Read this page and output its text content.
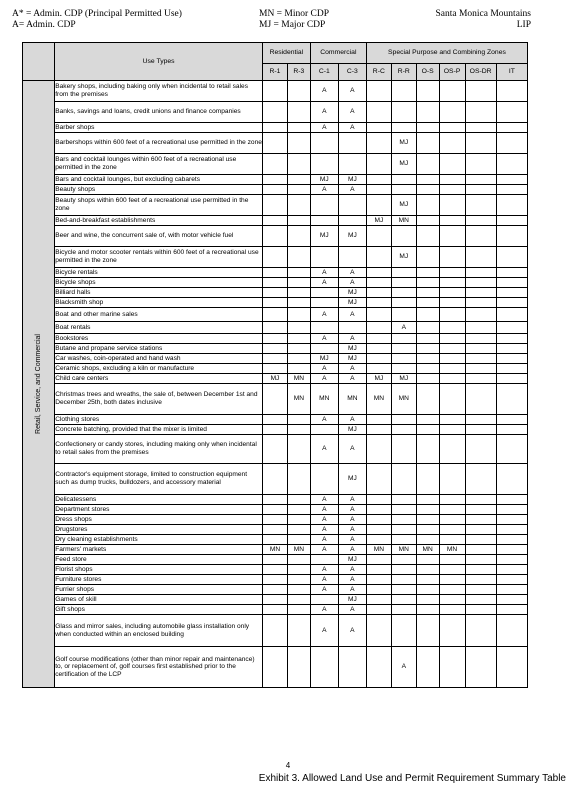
A* = Admin. CDP (Principal Permitted Use)
A= Admin. CDP
MN = Minor CDP
MJ = Major CDP
Santa Monica Mountains
LIP
	Use Types	Residential		Commercial		Special Purpose and Combining Zones					
		R-1	R-3	C-1	C-3	R-C	R-R	O-S	OS-P	OS-DR	IT

Retail, Service, and Commercial	Bakery shops, including baking only when incidental to retail sales from the premises			A	A						
	Banks, savings and loans, credit unions and finance companies			A	A						
	Barber shops			A	A						
	Barbershops within 600 feet of a recreational use permitted in the zone						MJ				
	Bars and cocktail lounges within 600 feet of a recreational use permitted in the zone						MJ				
	Bars and cocktail lounges, but excluding cabarets			MJ	MJ						
	Beauty shops			A	A						
	Beauty shops within 600 feet of a recreational use permitted in the zone						MJ				
	Bed-and-breakfast establishments					MJ	MN				
	Beer and wine, the concurrent sale of, with motor vehicle fuel			MJ	MJ						
	Bicycle and motor scooter rentals within 600 feet of a recreational use permitted in the zone						MJ				
	Bicycle rentals			A	A						
	Bicycle shops			A	A						
	Billiard halls				MJ						
	Blacksmith shop				MJ						
	Boat and other marine sales			A	A						
	Boat rentals						A				
	Bookstores			A	A						
	Butane and propane service stations				MJ						
	Car washes, coin-operated and hand wash			MJ	MJ						
	Ceramic shops, excluding a kiln or manufacture			A	A						
	Child care centers	MJ	MN	A	A	MJ	MJ				
	Christmas trees and wreaths, the sale of, between December 1st and December 25th, both dates inclusive		MN	MN	MN	MN	MN				
	Clothing stores			A	A						
	Concrete batching, provided that the mixer is limited				MJ						
	Confectionery or candy stores, including making only when incidental to retail sales from the premises			A	A						
	Contractor's equipment storage, limited to construction equipment such as dump trucks, bulldozers, and accessory material				MJ						
	Delicatessens			A	A						
	Department stores			A	A						
	Dress shops			A	A						
	Drugstores			A	A						
	Dry cleaning establishments			A	A						
	Farmers' markets	MN	MN	A	A	MN	MN	MN	MN		
	Feed store				MJ						
	Florist shops			A	A						
	Furniture stores			A	A						
	Furrier shops			A	A						
	Games of skill				MJ						
	Gift shops			A	A						
	Glass and mirror sales, including automobile glass installation only when conducted within an enclosed building			A	A						
	Golf course modifications (other than minor repair and maintenance) to, or replacement of, golf courses first established prior to the certification of the LCP						A				
4
Exhibit 3. Allowed Land Use and Permit Requirement Summary Table
